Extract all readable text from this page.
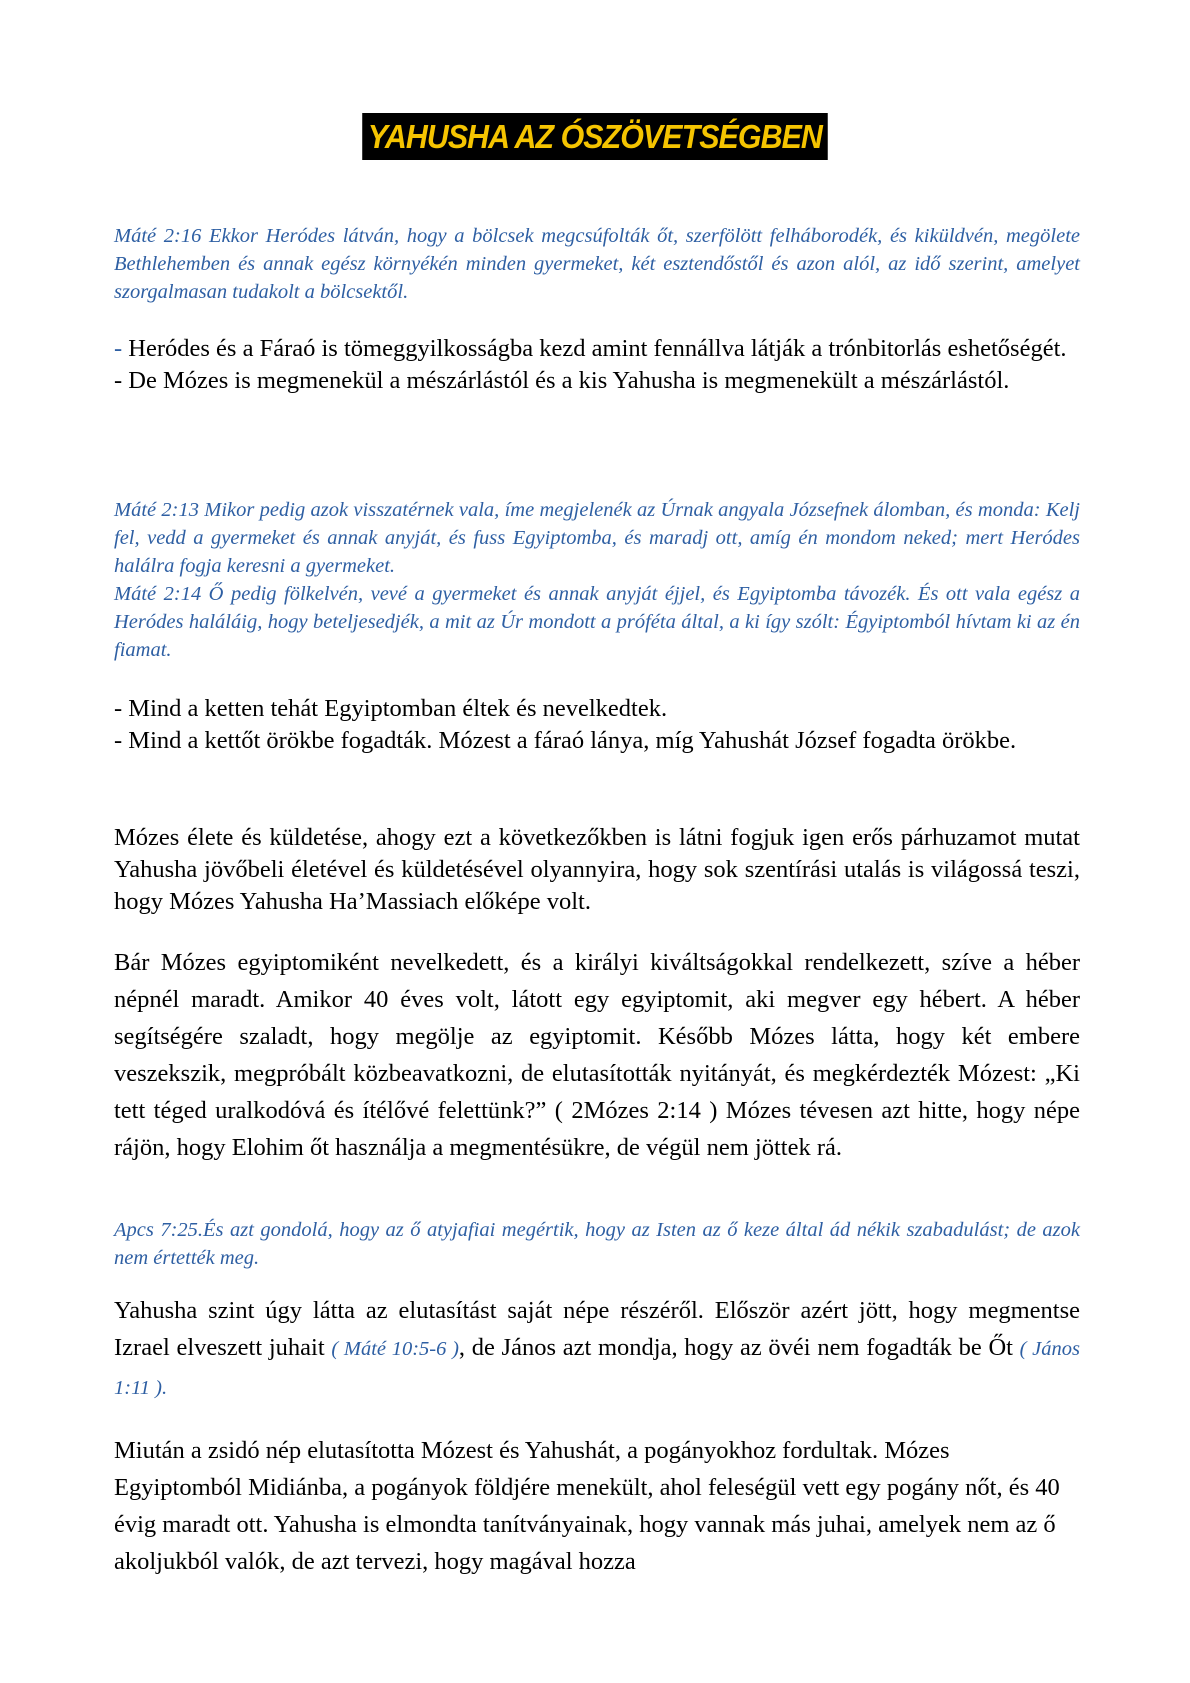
YAHUSHA AZ ÓSZÖVETSÉGBEN

Máté 2:16 Ekkor Heródes látván, hogy a bölcsek megcsúfolták őt, szerfölött felháborodék, és kiküldvén, megölete Bethlehemben és annak egész környékén minden gyermeket, két esztendőstől és azon alól, az idő szerint, amelyet szorgalmasan tudakolt a bölcsektől.

- Heródes és a Fáraó is tömeggyilkosságba kezd amint fennállva látják a trónbitorlás eshetőségét.

- De Mózes is megmenekül a mészárlástól és a kis Yahusha is megmenekült a mészárlástól.

Máté 2:13 Mikor pedig azok visszatérnek vala, íme megjelenék az Úrnak angyala Józsefnek álomban, és monda: Kelj fel, vedd a gyermeket és annak anyját, és fuss Egyiptomba, és maradj ott, amíg én mondom neked; mert Heródes halálra fogja keresni a gyermeket.

Máté 2:14 Ő pedig fölkelvén, vevé a gyermeket és annak anyját éjjel, és Egyiptomba távozék. És ott vala egész a Heródes haláláig, hogy beteljesedjék, a mit az Úr mondott a próféta által, a ki így szólt: Égyiptomból hívtam ki az én fiamat.

- Mind a ketten tehát Egyiptomban éltek és nevelkedtek.

- Mind a kettőt örökbe fogadták. Mózest a fáraó lánya, míg Yahushát József fogadta örökbe.

Mózes élete és küldetése, ahogy ezt a következőkben is látni fogjuk igen erős párhuzamot mutat Yahusha jövőbeli életével és küldetésével olyannyira, hogy sok szentírási utalás is világossá teszi, hogy Mózes Yahusha Ha’Massiach előképe volt.

Bár Mózes egyiptomiként nevelkedett, és a királyi kiváltságokkal rendelkezett, szíve a héber népnél maradt. Amikor 40 éves volt, látott egy egyiptomit, aki megver egy hébert. A héber segítségére szaladt, hogy megölje az egyiptomit. Később Mózes látta, hogy két embere veszekszik, megpróbált közbeavatkozni, de elutasították nyitányát, és megkérdezték Mózest: „Ki tett téged uralkodóvá és ítélővé felettünk?” ( 2Mózes 2:14 ) Mózes tévesen azt hitte, hogy népe rájön, hogy Elohim őt használja a megmentésükre, de végül nem jöttek rá.

Apcs 7:25.És azt gondolá, hogy az ő atyjafiai megértik, hogy az Isten az ő keze által ád nékik szabadulást; de azok nem értették meg.

Yahusha szint úgy látta az elutasítást saját népe részéről. Először azért jött, hogy megmentse Izrael elveszett juhait ( Máté 10:5-6 ), de János azt mondja, hogy az övéi nem fogadták be Őt ( János 1:11 ).

Miután a zsidó nép elutasította Mózest és Yahushát, a pogányokhoz fordultak. Mózes Egyiptomból Midiánba, a pogányok földjére menekült, ahol feleségül vett egy pogány nőt, és 40 évig maradt ott. Yahusha is elmondta tanítványainak, hogy vannak más juhai, amelyek nem az ő akoljukból valók, de azt tervezi, hogy magával hozza
